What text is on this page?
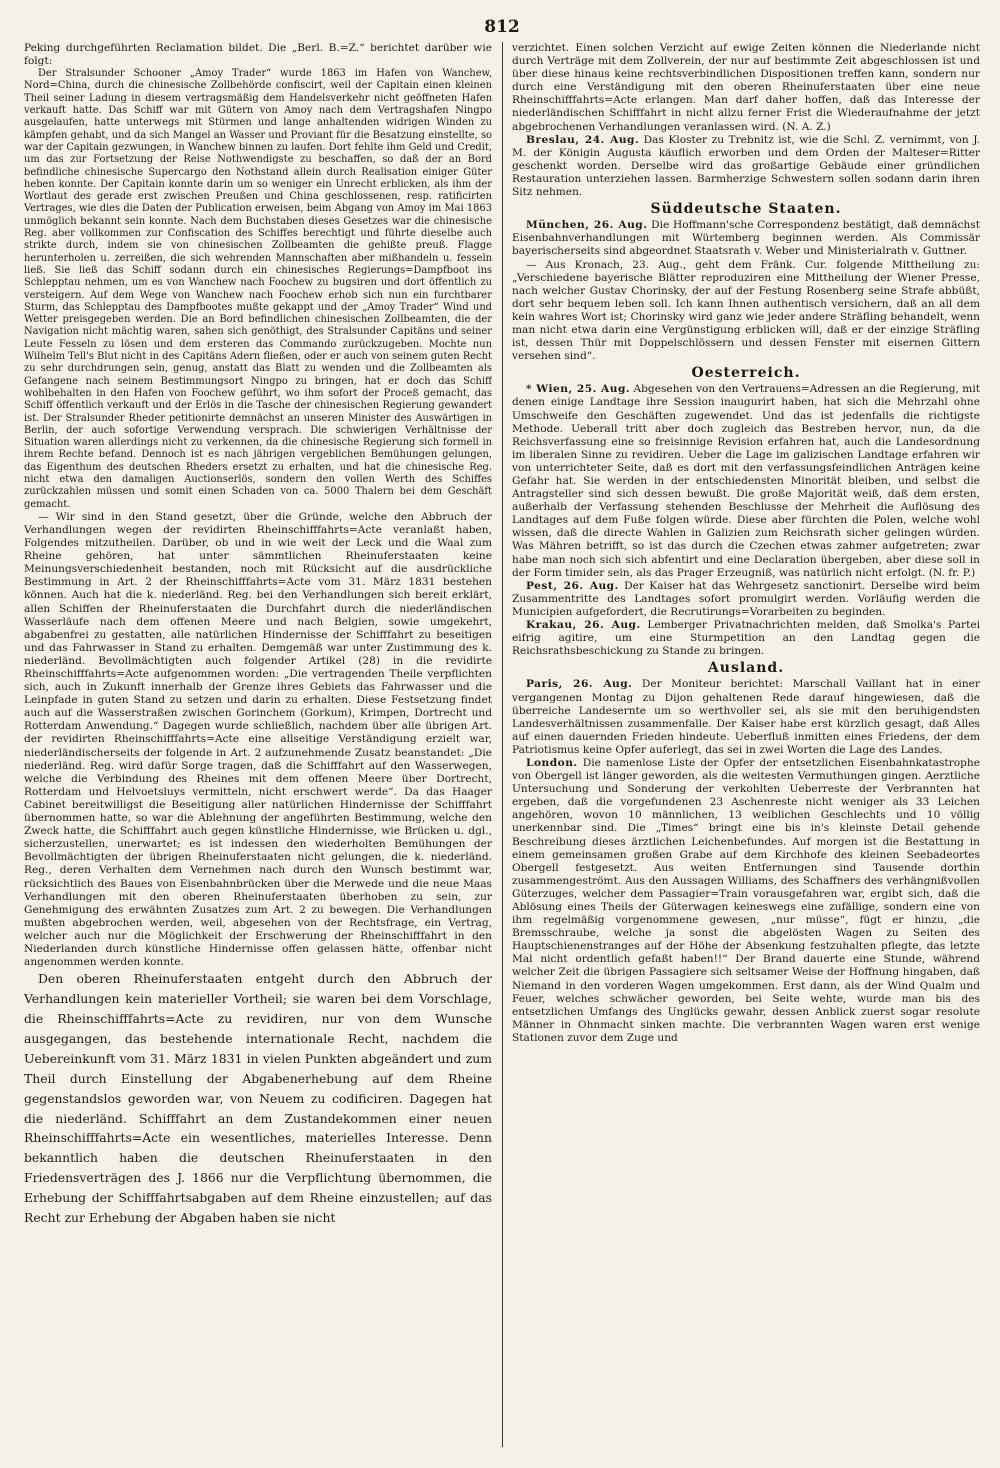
812

Peking durchgeführten Reclamation bildet. Die „Berl. B.=Z.“ berichtet darüber wie folgt:

Der Stralsunder Schooner „Amoy Trader“ wurde 1863 im Hafen von Wanchew, Nord=China, durch die chinesische Zollbehörde confiscirt, weil der Capitain einen kleinen Theil seiner Ladung in diesem vertragsmäßig dem Handelsverkehr nicht geöffneten Hafen verkauft hatte. Das Schiff war mit Gütern von Amoy nach dem Vertragshafen Ningpo ausgelaufen, hatte unterwegs mit Stürmen und lange anhaltenden widrigen Winden zu kämpfen gehabt, und da sich Mangel an Wasser und Proviant für die Besatzung einstellte, so war der Capitain gezwungen, in Wanchew binnen zu laufen. Dort fehlte ihm Geld und Credit, um das zur Fortsetzung der Reise Nothwendigste zu beschaffen, so daß der an Bord befindliche chinesische Supercargo den Nothstand allein durch Realisation einiger Güter heben konnte. Der Capitain konnte darin um so weniger ein Unrecht erblicken, als ihm der Wortlaut des gerade erst zwischen Preußen und China geschlossenen, resp. ratificirten Vertrages, wie dies die Daten der Publication erweisen, beim Abgang von Amoy im Mai 1863 unmöglich bekannt sein konnte. Nach dem Buchstaben dieses Gesetzes war die chinesische Reg. aber vollkommen zur Confiscation des Schiffes berechtigt und führte dieselbe auch strikte durch, indem sie von chinesischen Zollbeamten die gehißte preuß. Flagge herunterholen u. zerreißen, die sich wehrenden Mannschaften aber mißhandeln u. fesseln ließ. Sie ließ das Schiff sodann durch ein chinesisches Regierungs=Dampfboot ins Schlepptau nehmen, um es von Wanchew nach Foochew zu bugsiren und dort öffentlich zu versteigern. Auf dem Wege von Wanchew nach Foochew erhob sich nun ein furchtbarer Sturm, das Schlepptau des Dampfbootes mußte gekappt und der „Amoy Trader“ Wind und Wetter preisgegeben werden. Die an Bord befindlichen chinesischen Zollbeamten, die der Navigation nicht mächtig waren, sahen sich genöthigt, des Stralsunder Capitäns und seiner Leute Fesseln zu lösen und dem ersteren das Commando zurückzugeben. Mochte nun Wilhelm Tell's Blut nicht in des Capitäns Adern fließen, oder er auch von seinem guten Recht zu sehr durchdrungen sein, genug, anstatt das Blatt zu wenden und die Zollbeamten als Gefangene nach seinem Bestimmungsort Ningpo zu bringen, hat er doch das Schiff wohlbehalten in den Hafen von Foochew geführt, wo ihm sofort der Proceß gemacht, das Schiff öffentlich verkauft und der Erlös in die Tasche der chinesischen Regierung gewandert ist. Der Stralsunder Rheder petitionirte demnächst an unseren Minister des Auswärtigen in Berlin, der auch sofortige Verwendung versprach. Die schwierigen Verhältnisse der Situation waren allerdings nicht zu verkennen, da die chinesische Regierung sich formell in ihrem Rechte befand. Dennoch ist es nach jährigen vergeblichen Bemühungen gelungen, das Eigenthum des deutschen Rheders ersetzt zu erhalten, und hat die chinesische Reg. nicht etwa den damaligen Auctionserlös, sondern den vollen Werth des Schiffes zurückzahlen müssen und somit einen Schaden von ca. 5000 Thalern bei dem Geschäft gemacht.

— Wir sind in den Stand gesetzt, über die Gründe, welche den Abbruch der Verhandlungen wegen der revidirten Rheinschifffahrts=Acte veranlaßt haben, Folgendes mitzutheilen. Darüber, ob und in wie weit der Leck und die Waal zum Rheine gehören, hat unter sämmtlichen Rheinuferstaaten keine Meinungsverschiedenheit bestanden, noch mit Rücksicht auf die ausdrückliche Bestimmung in Art. 2 der Rheinschifffahrts=Acte vom 31. März 1831 bestehen können. Auch hat die k. niederländ. Reg. bei den Verhandlungen sich bereit erklärt, allen Schiffen der Rheinuferstaaten die Durchfahrt durch die niederländischen Wasserläufe nach dem offenen Meere und nach Belgien, sowie umgekehrt, abgabenfrei zu gestatten, alle natürlichen Hindernisse der Schifffahrt zu beseitigen und das Fahrwasser in Stand zu erhalten. Demgemäß war unter Zustimmung des k. niederländ. Bevollmächtigten auch folgender Artikel (28) in die revidirte Rheinschifffahrts=Acte aufgenommen worden: „Die vertragenden Theile verpflichten sich, auch in Zukunft innerhalb der Grenze ihres Gebiets das Fahrwasser und die Leinpfade in guten Stand zu setzen und darin zu erhalten. Diese Festsetzung findet auch auf die Wasserstraßen zwischen Gorinchem (Gorkum), Krimpen, Dortrecht und Rotterdam Anwendung.“ Dagegen wurde schließlich, nachdem über alle übrigen Art. der revidirten Rheinschifffahrts=Acte eine allseitige Verständigung erzielt war, niederländischerseits der folgende in Art. 2 aufzunehmende Zusatz beanstandet: „Die niederländ. Reg. wird dafür Sorge tragen, daß die Schifffahrt auf den Wasserwegen, welche die Verbindung des Rheines mit dem offenen Meere über Dortrecht, Rotterdam und Helvoetsluys vermitteln, nicht erschwert werde“. Da das Haager Cabinet bereitwilligst die Beseitigung aller natürlichen Hindernisse der Schifffahrt übernommen hatte, so war die Ablehnung der angeführten Bestimmung, welche den Zweck hatte, die Schifffahrt auch gegen künstliche Hindernisse, wie Brücken u. dgl., sicherzustellen, unerwartet; es ist indessen den wiederholten Bemühungen der Bevollmächtigten der übrigen Rheinuferstaaten nicht gelungen, die k. niederländ. Reg., deren Verhalten dem Vernehmen nach durch den Wunsch bestimmt war, rücksichtlich des Baues von Eisenbahnbrücken über die Merwede und die neue Maas Verhandlungen mit den oberen Rheinuferstaaten überhoben zu sein, zur Genehmigung des erwähnten Zusatzes zum Art. 2 zu bewegen. Die Verhandlungen mußten abgebrochen werden, weil, abgesehen von der Rechtsfrage, ein Vertrag, welcher auch nur die Möglichkeit der Erschwerung der Rheinschifffahrt in den Niederlanden durch künstliche Hindernisse offen gelassen hätte, offenbar nicht angenommen werden konnte.

Den oberen Rheinuferstaaten entgeht durch den Abbruch der Verhandlungen kein materieller Vortheil; sie waren bei dem Vorschlage, die Rheinschifffahrts=Acte zu revidiren, nur von dem Wunsche ausgegangen, das bestehende internationale Recht, nachdem die Uebereinkunft vom 31. März 1831 in vielen Punkten abgeändert und zum Theil durch Einstellung der Abgabenerhebung auf dem Rheine gegenstandslos geworden war, von Neuem zu codificiren. Dagegen hat die niederländ. Schifffahrt an dem Zustandekommen einer neuen Rheinschifffahrts=Acte ein wesentliches, materielles Interesse. Denn bekanntlich haben die deutschen Rheinuferstaaten in den Friedensverträgen des J. 1866 nur die Verpflichtung übernommen, die Erhebung der Schifffahrtsabgaben auf dem Rheine einzustellen; auf das Recht zur Erhebung der Abgaben haben sie nicht

verzichtet. Einen solchen Verzicht auf ewige Zeiten können die Niederlande nicht durch Verträge mit dem Zollverein, der nur auf bestimmte Zeit abgeschlossen ist und über diese hinaus keine rechtsverbindlichen Dispositionen treffen kann, sondern nur durch eine Verständigung mit den oberen Rheinuferstaaten über eine neue Rheinschifffahrts=Acte erlangen. Man darf daher hoffen, daß das Interesse der niederländischen Schifffahrt in nicht allzu ferner Frist die Wiederaufnahme der jetzt abgebrochenen Verhandlungen veranlassen wird. (N. A. Z.)

Breslau, 24. Aug. Das Kloster zu Trebnitz ist, wie die Schl. Z. vernimmt, von J. M. der Königin Augusta käuflich erworben und dem Orden der Malteser=Ritter geschenkt worden. Derselbe wird das großartige Gebäude einer gründlichen Restauration unterziehen lassen. Barmherzige Schwestern sollen sodann darin ihren Sitz nehmen.

Süddeutsche Staaten.

München, 26. Aug. Die Hoffmann'sche Correspondenz bestätigt, daß demnächst Eisenbahnverhandlungen mit Würtemberg beginnen werden. Als Commissär bayerischerseits sind abgeordnet Staatsrath v. Weber und Ministerialrath v. Guttner.

— Aus Kronach, 23. Aug., geht dem Fränk. Cur. folgende Mittheilung zu: „Verschiedene bayerische Blätter reproduziren eine Mittheilung der Wiener Presse, nach welcher Gustav Chorinsky, der auf der Festung Rosenberg seine Strafe abbüßt, dort sehr bequem leben soll. Ich kann Ihnen authentisch versichern, daß an all dem kein wahres Wort ist; Chorinsky wird ganz wie jeder andere Sträfling behandelt, wenn man nicht etwa darin eine Vergünstigung erblicken will, daß er der einzige Sträfling ist, dessen Thür mit Doppelschlössern und dessen Fenster mit eisernen Gittern versehen sind“.

Oesterreich.

* Wien, 25. Aug. Abgesehen von den Vertrauens=Adressen an die Regierung, mit denen einige Landtage ihre Session inaugurirt haben, hat sich die Mehrzahl ohne Umschweife den Geschäften zugewendet. Und das ist jedenfalls die richtigste Methode. Ueberall tritt aber doch zugleich das Bestreben hervor, nun, da die Reichsverfassung eine so freisinnige Revision erfahren hat, auch die Landesordnung im liberalen Sinne zu revidiren. Ueber die Lage im galizischen Landtage erfahren wir von unterrichteter Seite, daß es dort mit den verfassungsfeindlichen Anträgen keine Gefahr hat. Sie werden in der entschiedensten Minorität bleiben, und selbst die Antragsteller sind sich dessen bewußt. Die große Majorität weiß, daß dem ersten, außerhalb der Verfassung stehenden Beschlusse der Mehrheit die Auflösung des Landtages auf dem Fuße folgen würde. Diese aber fürchten die Polen, welche wohl wissen, daß die directe Wahlen in Galizien zum Reichsrath sicher gelingen würden. Was Mähren betrifft, so ist das durch die Czechen etwas zahmer aufgetreten; zwar habe man noch sich sich abfentirt und eine Declaration übergeben, aber diese soll in der Form timider sein, als das Prager Erzeugniß, was natürlich nicht erfolgt. (N. fr. P.)

Pest, 26. Aug. Der Kaiser hat das Wehrgesetz sanctionirt. Derselbe wird beim Zusammentritte des Landtages sofort promulgirt werden. Vorläufig werden die Municipien aufgefordert, die Recrutirungs=Vorarbeiten zu beginden.

Krakau, 26. Aug. Lemberger Privatnachrichten melden, daß Smolka's Partei eifrig agitire, um eine Sturmpetition an den Landtag gegen die Reichsrathsbeschickung zu Stande zu bringen.

Ausland.

Paris, 26. Aug. Der Moniteur berichtet: Marschall Vaillant hat in einer vergangenen Montag zu Dijon gehaltenen Rede darauf hingewiesen, daß die überreiche Landesernte um so werthvoller sei, als sie mit den beruhigendsten Landesverhältnissen zusammenfalle. Der Kaiser habe erst kürzlich gesagt, daß Alles auf einen dauernden Frieden hindeute. Ueberfluß inmitten eines Friedens, der dem Patriotismus keine Opfer auferlegt, das sei in zwei Worten die Lage des Landes.

London. Die namenlose Liste der Opfer der entsetzlichen Eisenbahnkatastrophe von Obergell ist länger geworden, als die weitesten Vermuthungen gingen. Aerztliche Untersuchung und Sonderung der verkohlten Ueberreste der Verbrannten hat ergeben, daß die vorgefundenen 23 Aschenreste nicht weniger als 33 Leichen angehören, wovon 10 männlichen, 13 weiblichen Geschlechts und 10 völlig unerkennbar sind. Die „Times“ bringt eine bis in's kleinste Detail gehende Beschreibung dieses ärztlichen Leichenbefundes. Auf morgen ist die Bestattung in einem gemeinsamen großen Grabe auf dem Kirchhofe des kleinen Seebadeortes Obergell festgesetzt. Aus weiten Entfernungen sind Tausende dorthin zusammengeströmt. Aus den Aussagen Williams, des Schaffners des verhängnißvollen Güterzuges, welcher dem Passagier=Train vorausgefahren war, ergibt sich, daß die Ablösung eines Theils der Güterwagen keineswegs eine zufällige, sondern eine von ihm regelmäßig vorgenommene gewesen, „nur müsse“, fügt er hinzu, „die Bremsschraube, welche ja sonst die abgelösten Wagen zu Seiten des Hauptschienenstranges auf der Höhe der Absenkung festzuhalten pflegte, das letzte Mal nicht ordentlich gefaßt haben!!“ Der Brand dauerte eine Stunde, während welcher Zeit die übrigen Passagiere sich seltsamer Weise der Hoffnung hingaben, daß Niemand in den vorderen Wagen umgekommen. Erst dann, als der Wind Qualm und Feuer, welches schwächer geworden, bei Seite wehte, wurde man bis des entsetzlichen Umfangs des Unglücks gewahr, dessen Anblick zuerst sogar resolute Männer in Ohnmacht sinken machte. Die verbrannten Wagen waren erst wenige Stationen zuvor dem Zuge und
